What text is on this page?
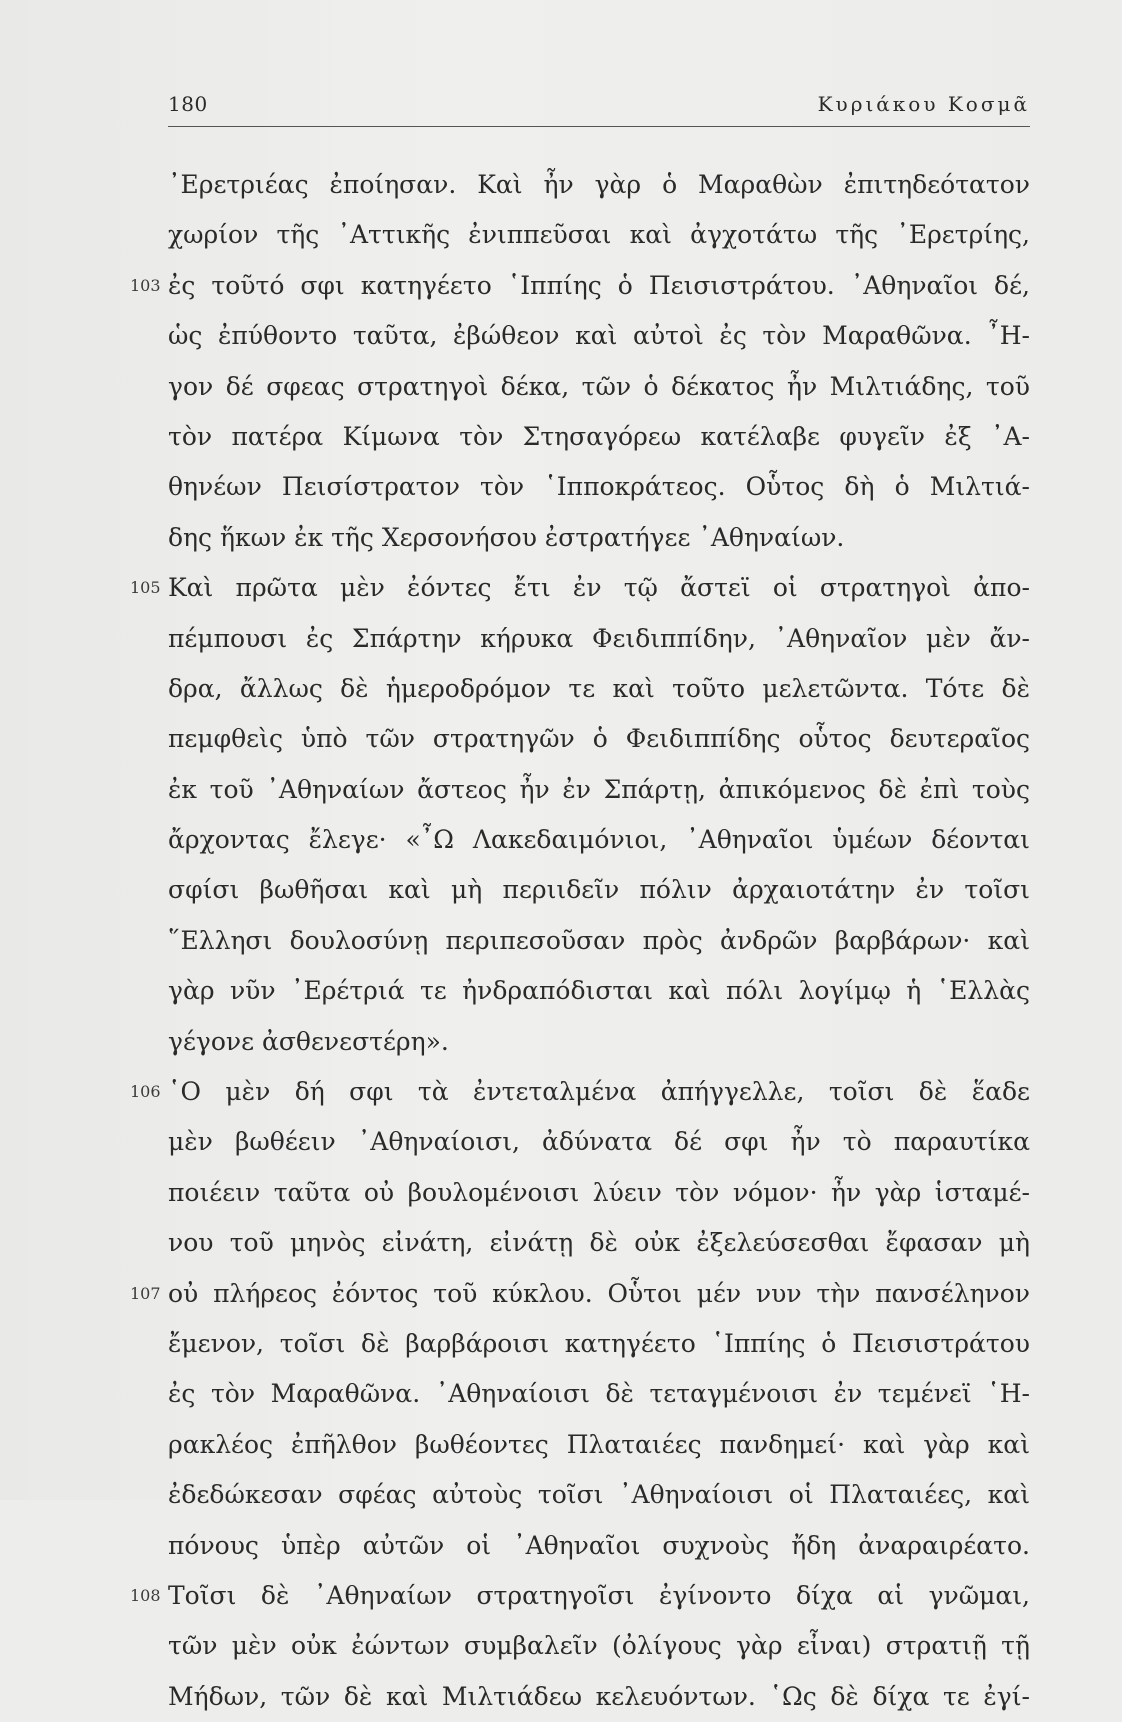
180	Κυριάκου Κοσμᾶ
᾿Ερετριέας ἐποίησαν. Καὶ ἦν γὰρ ὁ Μαραθὼν ἐπιτηδεότατον
χωρίον τῆς ᾿Αττικῆς ἐνιππεῦσαι καὶ ἀγχοτάτω τῆς ᾿Ερετρίης,
103 ἐς τοῦτό σφι κατηγέετο ῾Ιππίης ὁ Πεισιστράτου. ᾿Αθηναῖοι δέ,
ὡς ἐπύθοντο ταῦτα, ἐβώθεον καὶ αὐτοὶ ἐς τὸν Μαραθῶνα. ῏Η-
γον δέ σφεας στρατηγοὶ δέκα, τῶν ὁ δέκατος ἦν Μιλτιάδης, τοῦ
τὸν πατέρα Κίμωνα τὸν Στησαγόρεω κατέλαβε φυγεῖν ἐξ ᾿Α-
θηνέων Πεισίστρατον τὸν ῾Ιπποκράτεος. Οὗτος δὴ ὁ Μιλτιά-
δης ἥκων ἐκ τῆς Χερσονήσου ἐστρατήγεε ᾿Αθηναίων.
105 Καὶ πρῶτα μὲν ἐόντες ἔτι ἐν τῷ ἄστεϊ οἱ στρατηγοὶ ἀπο-
πέμπουσι ἐς Σπάρτην κήρυκα Φειδιππίδην, ᾿Αθηναῖον μὲν ἄν-
δρα, ἄλλως δὲ ἡμεροδρόμον τε καὶ τοῦτο μελετῶντα. Τότε δὲ
πεμφθεὶς ὑπὸ τῶν στρατηγῶν ὁ Φειδιππίδης οὗτος δευτεραῖος
ἐκ τοῦ ᾿Αθηναίων ἄστεος ἦν ἐν Σπάρτῃ, ἀπικόμενος δὲ ἐπὶ τοὺς
ἄρχοντας ἔλεγε· «῏Ω Λακεδαιμόνιοι, ᾿Αθηναῖοι ὑμέων δέονται
σφίσι βωθῆσαι καὶ μὴ περιιδεῖν πόλιν ἀρχαιοτάτην ἐν τοῖσι
῞Ελλησι δουλοσύνῃ περιπεσοῦσαν πρὸς ἀνδρῶν βαρβάρων· καὶ
γὰρ νῦν ᾿Ερέτριά τε ἠνδραπόδισται καὶ πόλι λογίμῳ ἡ ῾Ελλὰς
γέγονε ἀσθενεστέρη».
106 ῾Ο μὲν δή σφι τὰ ἐντεταλμένα ἀπήγγελλε, τοῖσι δὲ ἕαδε
μὲν βωθέειν ᾿Αθηναίοισι, ἀδύνατα δέ σφι ἦν τὸ παραυτίκα
ποιέειν ταῦτα οὐ βουλομένοισι λύειν τὸν νόμον· ἦν γὰρ ἱσταμέ-
νου τοῦ μηνὸς εἰνάτη, εἰνάτῃ δὲ οὐκ ἐξελεύσεσθαι ἔφασαν μὴ
107 οὐ πλήρεος ἐόντος τοῦ κύκλου. Οὗτοι μέν νυν τὴν πανσέληνον
ἔμενον, τοῖσι δὲ βαρβάροισι κατηγέετο ῾Ιππίης ὁ Πεισιστράτου
ἐς τὸν Μαραθῶνα. ᾿Αθηναίοισι δὲ τεταγμένοισι ἐν τεμένεϊ ῾Η-
ρακλέος ἐπῆλθον βωθέοντες Πλαταιέες πανδημεί· καὶ γὰρ καὶ
ἐδεδώκεσαν σφέας αὐτοὺς τοῖσι ᾿Αθηναίοισι οἱ Πλαταιέες, καὶ
πόνους ὑπὲρ αὐτῶν οἱ ᾿Αθηναῖοι συχνοὺς ἤδη ἀναραιρέατο.
108 Τοῖσι δὲ ᾿Αθηναίων στρατηγοῖσι ἐγίνοντο δίχα αἱ γνῶμαι,
τῶν μὲν οὐκ ἐώντων συμβαλεῖν (ὀλίγους γὰρ εἶναι) στρατιῇ τῇ
Μήδων, τῶν δὲ καὶ Μιλτιάδεω κελευόντων. ῾Ως δὲ δίχα τε ἐγί-
